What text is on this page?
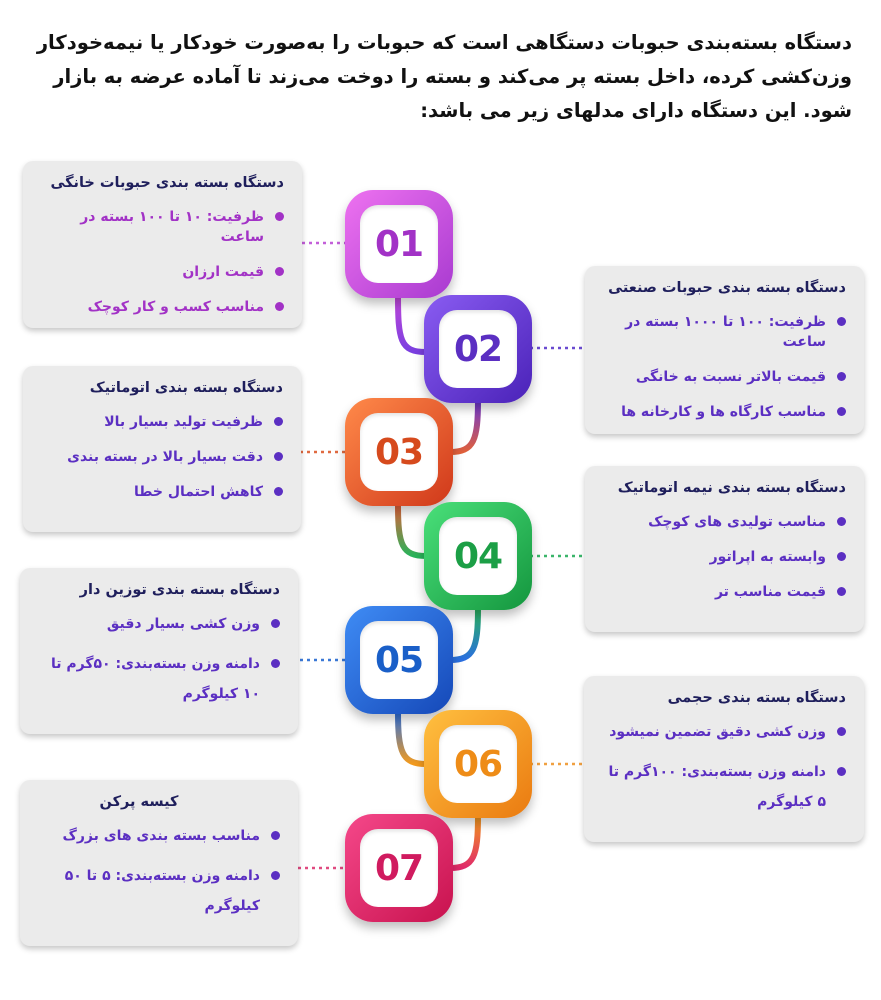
دستگاه بسته‌بندی حبوبات دستگاهی است که حبوبات را به‌صورت خودکار یا نیمه‌خودکار وزن‌کشی کرده، داخل بسته پر می‌کند و بسته را دوخت می‌زند تا آماده عرضه به بازار شود. این دستگاه دارای مدلهای زیر می باشد:
01
02
03
04
05
06
07
دستگاه بسته بندی حبوبات خانگی
ظرفیت: ۱۰ تا ۱۰۰ بسته در ساعت
قیمت ارزان
مناسب کسب و کار کوچک
دستگاه بسته بندی حبوبات صنعتی
ظرفیت: ۱۰۰ تا ۱۰۰۰ بسته در ساعت
قیمت بالاتر نسبت به خانگی
مناسب کارگاه ها و کارخانه ها
دستگاه بسته بندی اتوماتیک
ظرفیت تولید بسیار بالا
دقت بسیار بالا در بسته بندی
کاهش احتمال خطا	دستگاه بسته بندی نیمه اتوماتیک
مناسب تولیدی های کوچک
وابسته به اپراتور
قیمت مناسب تر
دستگاه بسته بندی توزین دار
وزن کشی بسیار دقیق
دامنه وزن بسته‌بندی: ۵۰گرم تا ۱۰ کیلوگرم	دستگاه بسته بندی حجمی
وزن کشی دقیق تضمین نمیشود
دامنه وزن بسته‌بندی: ۱۰۰گرم تا ۵ کیلوگرم
کیسه پرکن
مناسب بسته بندی های بزرگ
دامنه وزن بسته‌بندی: ۵ تا ۵۰ کیلوگرم
